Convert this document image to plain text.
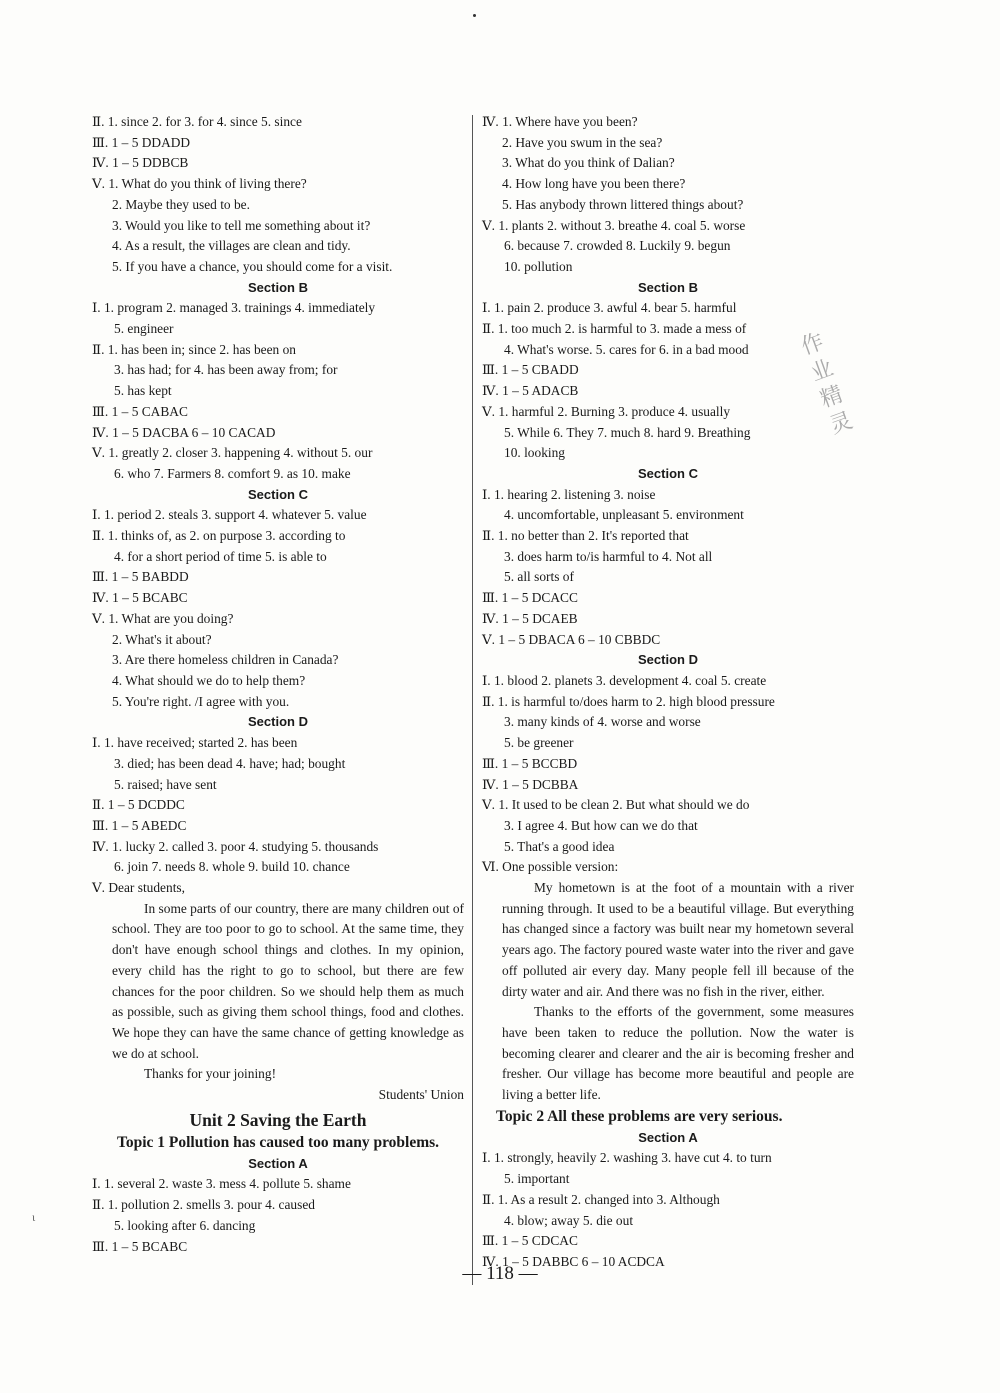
ɩ
Ⅱ. 1. since 2. for 3. for 4. since 5. since
Ⅲ. 1 – 5 DDADD
Ⅳ. 1 – 5 DDBCB
Ⅴ. 1. What do you think of living there?
2. Maybe they used to be.
3. Would you like to tell me something about it?
4. As a result, the villages are clean and tidy.
5. If you have a chance, you should come for a visit.
Section B
Ⅰ. 1. program 2. managed 3. trainings 4. immediately
5. engineer
Ⅱ. 1. has been in; since 2. has been on
3. has had; for 4. has been away from; for
5. has kept
Ⅲ. 1 – 5 CABAC
Ⅳ. 1 – 5 DACBA 6 – 10 CACAD
Ⅴ. 1. greatly 2. closer 3. happening 4. without 5. our
6. who 7. Farmers 8. comfort 9. as 10. make
Section C
Ⅰ. 1. period 2. steals 3. support 4. whatever 5. value
Ⅱ. 1. thinks of, as 2. on purpose 3. according to
4. for a short period of time 5. is able to
Ⅲ. 1 – 5 BABDD
Ⅳ. 1 – 5 BCABC
Ⅴ. 1. What are you doing?
2. What's it about?
3. Are there homeless children in Canada?
4. What should we do to help them?
5. You're right. /I agree with you.
Section D
Ⅰ. 1. have received; started 2. has been
3. died; has been dead 4. have; had; bought
5. raised; have sent
Ⅱ. 1 – 5 DCDDC
Ⅲ. 1 – 5 ABEDC
Ⅳ. 1. lucky 2. called 3. poor 4. studying 5. thousands
6. join 7. needs 8. whole 9. build 10. chance
Ⅴ. Dear students,
In some parts of our country, there are many children out of school. They are too poor to go to school. At the same time, they don't have enough school things and clothes. In my opinion, every child has the right to go to school, but there are few chances for the poor children. So we should help them as much as possible, such as giving them school things, food and clothes. We hope they can have the same chance of getting knowledge as we do at school.
Thanks for your joining!
Students' Union
Unit 2 Saving the Earth
Topic 1 Pollution has caused too many problems.
Section A
Ⅰ. 1. several 2. waste 3. mess 4. pollute 5. shame
Ⅱ. 1. pollution 2. smells 3. pour 4. caused
5. looking after 6. dancing
Ⅲ. 1 – 5 BCABC
Ⅳ. 1. Where have you been?
2. Have you swum in the sea?
3. What do you think of Dalian?
4. How long have you been there?
5. Has anybody thrown littered things about?
Ⅴ. 1. plants 2. without 3. breathe 4. coal 5. worse
6. because 7. crowded 8. Luckily 9. begun
10. pollution
Section B
Ⅰ. 1. pain 2. produce 3. awful 4. bear 5. harmful
Ⅱ. 1. too much 2. is harmful to 3. made a mess of
4. What's worse. 5. cares for 6. in a bad mood
Ⅲ. 1 – 5 CBADD
Ⅳ. 1 – 5 ADACB
Ⅴ. 1. harmful 2. Burning 3. produce 4. usually
5. While 6. They 7. much 8. hard 9. Breathing
10. looking
Section C
Ⅰ. 1. hearing 2. listening 3. noise
4. uncomfortable, unpleasant 5. environment
Ⅱ. 1. no better than 2. It's reported that
3. does harm to/is harmful to 4. Not all
5. all sorts of
Ⅲ. 1 – 5 DCACC
Ⅳ. 1 – 5 DCAEB
Ⅴ. 1 – 5 DBACA 6 – 10 CBBDC
Section D
Ⅰ. 1. blood 2. planets 3. development 4. coal 5. create
Ⅱ. 1. is harmful to/does harm to 2. high blood pressure
3. many kinds of 4. worse and worse
5. be greener
Ⅲ. 1 – 5 BCCBD
Ⅳ. 1 – 5 DCBBA
Ⅴ. 1. It used to be clean 2. But what should we do
3. I agree 4. But how can we do that
5. That's a good idea
Ⅵ. One possible version:
My hometown is at the foot of a mountain with a river running through. It used to be a beautiful village. But everything has changed since a factory was built near my hometown several years ago. The factory poured waste water into the river and gave off polluted air every day. Many people fell ill because of the dirty water and air. And there was no fish in the river, either.
Thanks to the efforts of the government, some measures have been taken to reduce the pollution. Now the water is becoming clearer and clearer and the air is becoming fresher and fresher. Our village has become more beautiful and people are living a better life.
Topic 2 All these problems are very serious.
Section A
Ⅰ. 1. strongly, heavily 2. washing 3. have cut 4. to turn
5. important
Ⅱ. 1. As a result 2. changed into 3. Although
4. blow; away 5. die out
Ⅲ. 1 – 5 CDCAC
Ⅳ. 1 – 5 DABBC 6 – 10 ACDCA
作业精灵
— 118 —
